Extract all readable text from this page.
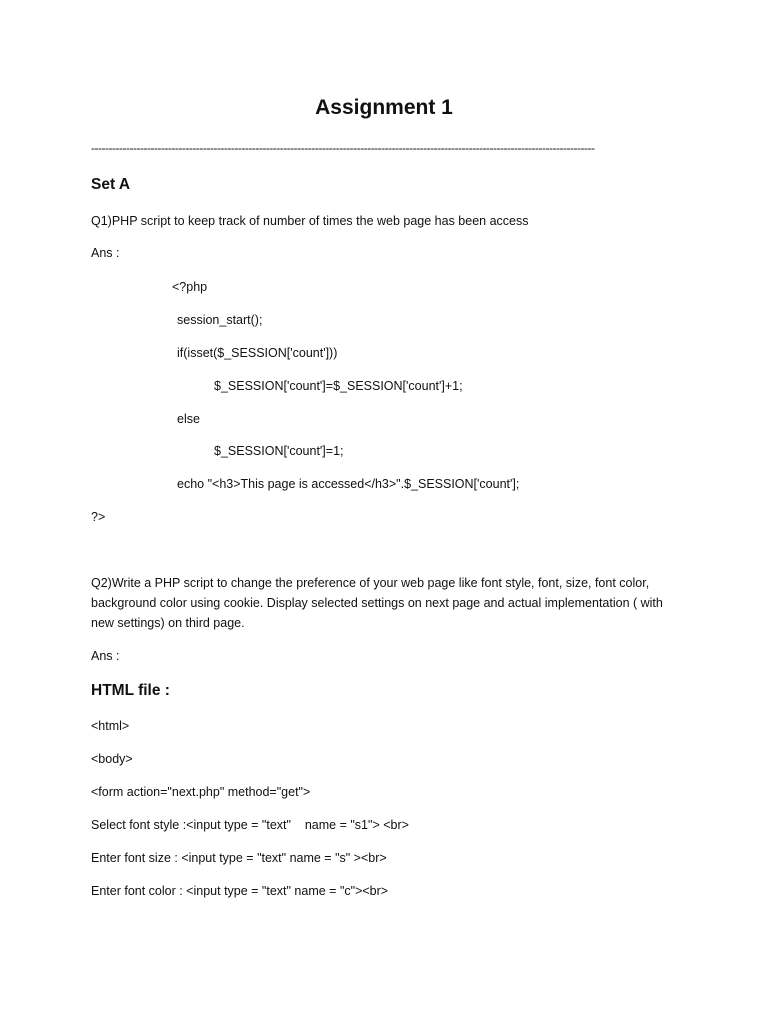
Assignment 1
------------------------------------------------------------------------------------------------------------------------------------------------
Set A
Q1)PHP script to keep track of number of times the web page has been access
Ans :
<?php
session_start();
if(isset($_SESSION['count']))
$_SESSION['count']=$_SESSION['count']+1;
else
$_SESSION['count']=1;
echo "<h3>This page is accessed</h3>".$_SESSION['count'];
?>
Q2)Write a PHP script to change the preference of your web page like font style, font, size, font color, background color using cookie. Display selected settings on next page and actual implementation ( with new settings) on third page.
Ans :
HTML file :
<html>
<body>
<form action="next.php" method="get">
Select font style :<input type = "text"    name = "s1"> <br>
Enter font size : <input type = "text" name = "s" ><br>
Enter font color : <input type = "text" name = "c"><br>
